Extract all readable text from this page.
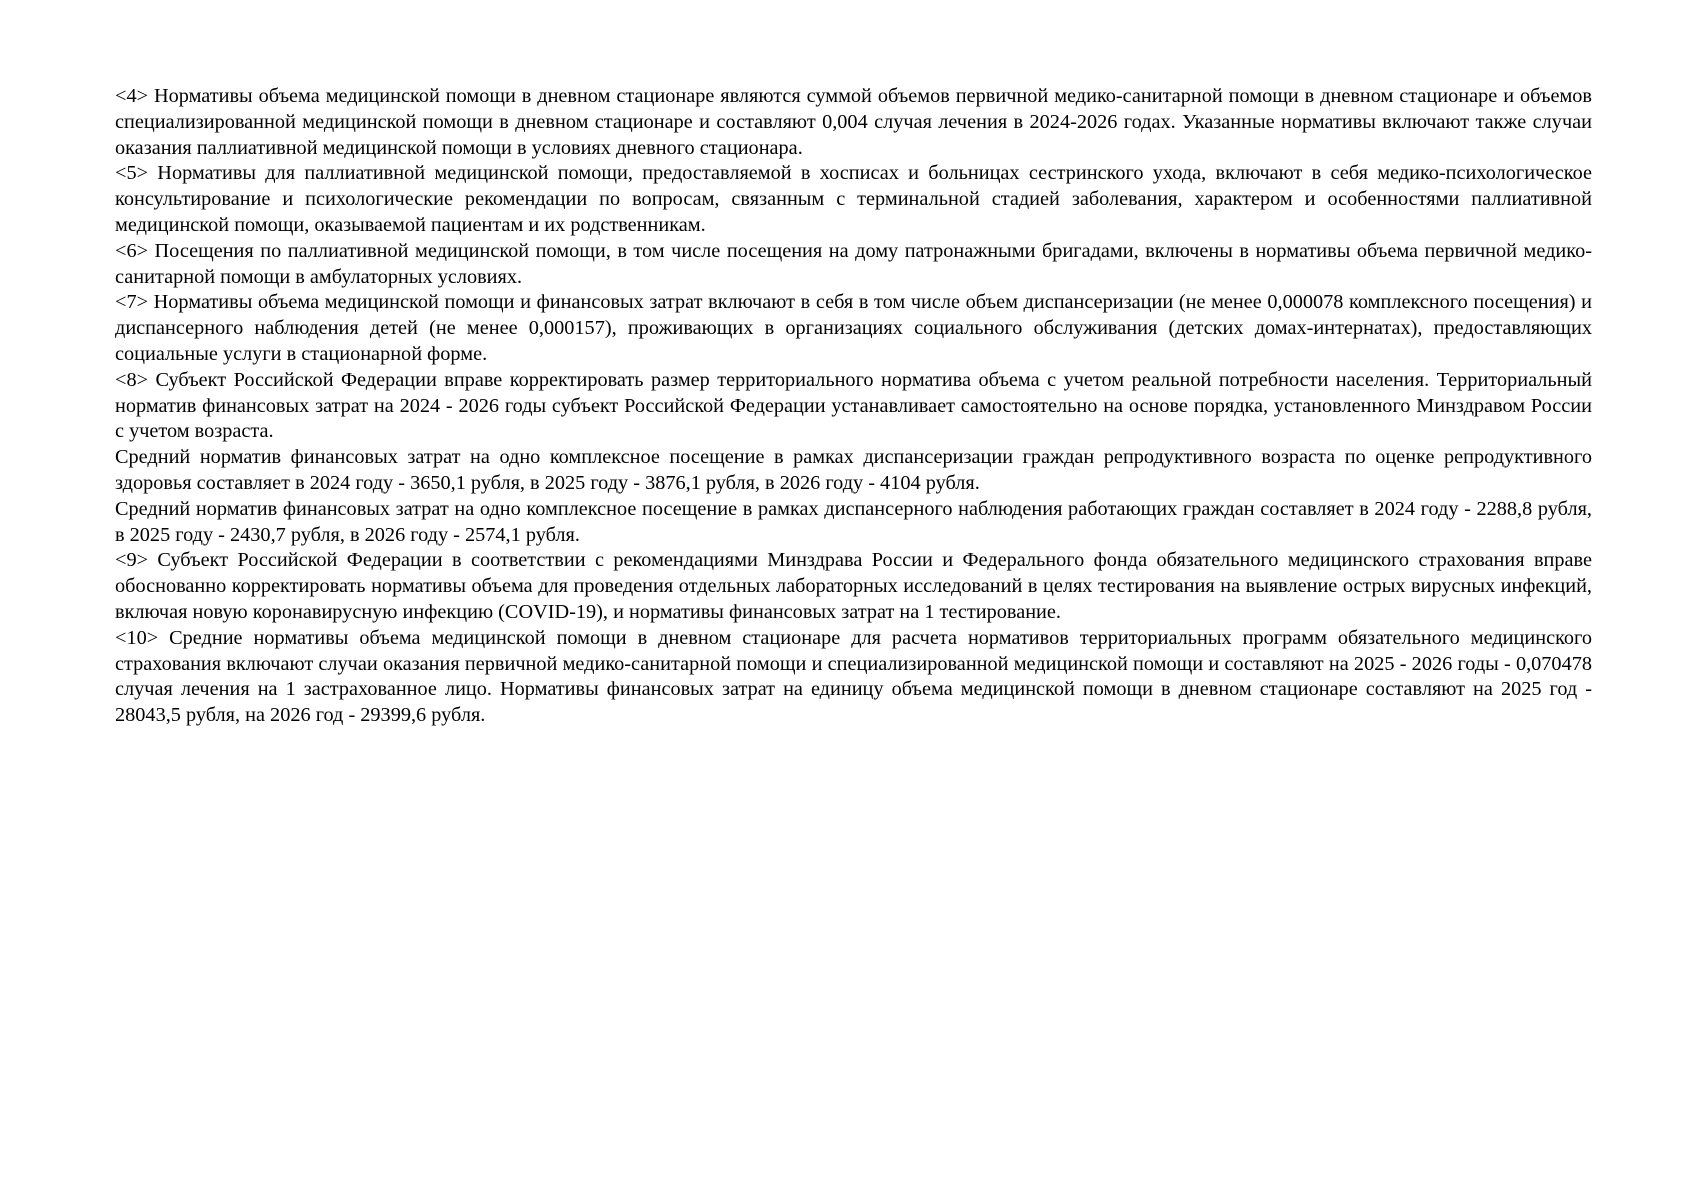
<4> Нормативы объема медицинской помощи в дневном стационаре являются суммой объемов первичной медико-санитарной помощи в дневном стационаре и объемов специализированной медицинской помощи в дневном стационаре и составляют 0,004 случая лечения в 2024-2026 годах. Указанные нормативы включают также случаи оказания паллиативной медицинской помощи в условиях дневного стационара.

<5> Нормативы для паллиативной медицинской помощи, предоставляемой в хосписах и больницах сестринского ухода, включают в себя медико-психологическое консультирование и психологические рекомендации по вопросам, связанным с терминальной стадией заболевания, характером и особенностями паллиативной медицинской помощи, оказываемой пациентам и их родственникам.

<6> Посещения по паллиативной медицинской помощи, в том числе посещения на дому патронажными бригадами, включены в нормативы объема первичной медико-санитарной помощи в амбулаторных условиях.

<7> Нормативы объема медицинской помощи и финансовых затрат включают в себя в том числе объем диспансеризации (не менее 0,000078 комплексного посещения) и диспансерного наблюдения детей (не менее 0,000157), проживающих в организациях социального обслуживания (детских домах-интернатах), предоставляющих социальные услуги в стационарной форме.

<8> Субъект Российской Федерации вправе корректировать размер территориального норматива объема с учетом реальной потребности населения. Территориальный норматив финансовых затрат на 2024 - 2026 годы субъект Российской Федерации устанавливает самостоятельно на основе порядка, установленного Минздравом России с учетом возраста.

Средний норматив финансовых затрат на одно комплексное посещение в рамках диспансеризации граждан репродуктивного возраста по оценке репродуктивного здоровья составляет в 2024 году - 3650,1 рубля, в 2025 году - 3876,1 рубля, в 2026 году - 4104 рубля.

Средний норматив финансовых затрат на одно комплексное посещение в рамках диспансерного наблюдения работающих граждан составляет в 2024 году - 2288,8 рубля, в 2025 году - 2430,7 рубля, в 2026 году - 2574,1 рубля.

<9> Субъект Российской Федерации в соответствии с рекомендациями Минздрава России и Федерального фонда обязательного медицинского страхования вправе обоснованно корректировать нормативы объема для проведения отдельных лабораторных исследований в целях тестирования на выявление острых вирусных инфекций, включая новую коронавирусную инфекцию (COVID-19), и нормативы финансовых затрат на 1 тестирование.

<10> Средние нормативы объема медицинской помощи в дневном стационаре для расчета нормативов территориальных программ обязательного медицинского страхования включают случаи оказания первичной медико-санитарной помощи и специализированной медицинской помощи и составляют на 2025 - 2026 годы - 0,070478 случая лечения на 1 застрахованное лицо. Нормативы финансовых затрат на единицу объема медицинской помощи в дневном стационаре составляют на 2025 год - 28043,5 рубля, на 2026 год - 29399,6 рубля.
